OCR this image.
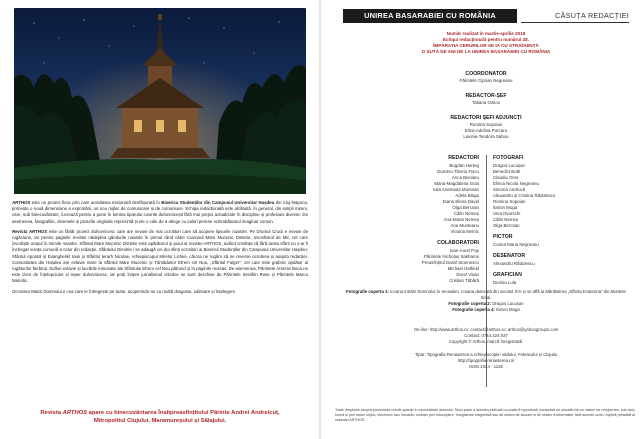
ARTHOS este un proiect fiesc prin care activitatea misionară desfășurată în Biserica Studenților din Campusul Universitar Hașdeu din Cluj-Napoca, primește o nouă dimensiune a exprimării, un nou mijloc de comunicare și de comuniune. Echipa redacțională este alcătuită, în general, din simpli mireni, care, sub binecuvântare, lucrează pentru a pune în lumina tiparului cuvinte duhovnicești fără mai prejos actualizate în discipline și profesiuni diverse. De asemenea, fotografiile, desenele și picturile originale reprezintă și ele o cale de a atinge cu valori perene schimbătoarul imaginar comun.

Revista ARTHOS este un fânăr proiect duhovnicesc care are nevoie de mai ocrotitori care să acopere lipsurile noastre. Pe Drumul Crucii e nevoie de rugăciune, iar pentru paginile revistei nădejdea gândurile noastre în primul rând către Cuviosul Mare Mucenic Dimitrie, Izvorâtorul de Mir, cel care izvorăște oraşul în mimile noastre. Sfântul Mare Mucenic Dimitrie este apărătorul și puiul al revistei ARTHOS, având credința că fără aesta sfânt nu s-ar fi închegat voința comună a celor din redacție. Sfântului Dimitrie i se adaugă cei doi sfinți ocrotitori ai Bisericii Studenților din Campusul Universitar Hașdeu: Sfântul Apostol și Evanghelist Ioan și Sfântul Ierarh Nicolae, Arhiepiscopul Mirelor Lichiei, cărora ne rugăm să ne reverse ocrotirea și asupra redacției. Comunitatea din Hașdeu are evlavie mare la Sfântul Mare Mucenic și Tămăduitor Efrem cel Nou, „Sfântul Fulger”, cel care este grabnic ajutător al rugătorilor fierbinți. Sufluri evlavie și lucrările minunate ale Sfântului Efrem cel Nou pătrund și în paginile revistei. De asemenea, Părintele Arsenie Boca ne este izvor de înțelepciune și reper duhovnicesc, iar porți înspre jurnalismul ortodox ne sunt deschise de Părintele Serafim Rose și Părintele Marcu Manolic.

Ocrotirea Maicii Domnului e cea care le întregește pe toate, acoperindu-ne cu multă dragoste, iubitoare și înțelegere.

Revista ARTHOS apare cu binecuvântarea Înaltpreasfințitului Părinte Andrei Andreicuț,
Mitropolitul Clujului, Maramureșului și Sălajului.
UNIREA BASARABIEI CU ROMÂNIA	CĂSUȚA REDACȚIEI
Număr realizat în martie-aprilie 2018
Echipa redacțională pentru numărul 28.
ÎMPĂRATIA CERURILOR SE IA CU STRĂDUINȚĂ
O SUTĂ DE ANI DE LA UNIREA BASARABIEI CU ROMÂNIA
COORDONATOR
Părintele Ciprian Negreanu
REDACTOR-ȘEF
Tatiana Onilov
REDACTORI ȘEFI ADJUNCȚI
Romina Sopoian
Eliza-Adelina Purcaru
Lavinia-Teodora Sabou
REDACTORI
Bogdan Herțeg
Dumitru-Tiberiu Fișcu
Anca Bivolaru
Maria-Magdalena Goia
Iulia Anamaria Muresan
Adela Blaga
Diana Elena David
Olga Bercsan
Călin Nemeș
Ana-Maria Nemeș
Ana Munteanu
Victoria Melnic
COLABORATORI
Ioan-Aurel Pop
Părintele Nicholas Sakharov
Preasfințitul Daniil Stoenescu
Michael Hatfield
Dorel Vișan
Cristian Tăbără
FOTOGRAFI
Dragoș Lucușan
Benedict Both
Claudiu Oros
Elinca Nicola Negreanu
Simona Andrucă
Alexandru și Cristina Rădulescu
Romina Sopoian
Ilarion Moga
Vera Dvorschi
Călin Nemeș
Olga Bercsan
PICTOR
Corina Maria Negreanu
DESENATOR
Alexandru Rădulescu
GRAFICIAN
Denisa Lula
Fotografie coperta 1: Icoana Intrării Domnului în Ierusalim. Icoana detecată din secolul XIV și se află la Mănăstirea „Sfânta Ecaterina” din Muntele Sinai.
Fotografie coperta 2: Dragoș Lucușan
Fotografie coperta 4: Ilarion Moga
On-line: http://www.arthos.ro; contact@arthos.ro; arthos@yahoogroups.com
Contact: 0744.424.937
Copyright © Arthos, marcă înregistrată.
Tipar: Tipografia Renașterea a Arhiepiscopiei Vadului, Feleacului și Clujului
http://tipografia.renasterea.ro/
ISSN 2344 - 1135
Toate drepturile asupra prezentului număr aparțin în exclusivitate autorului. Nicio parte a acestei publicații nu poate fi reprodusă, transmisă ori stocată într-un sistem de recuperare, sub nicio formă și prin niciun mijloc, electronic sau mecanic, inclusiv prin fotocopiere, înregistrare magnetică sau alt sistem de stocare și de redare a informației, fără acordul scris / explicit prealabil al redacției ARTHOS.
